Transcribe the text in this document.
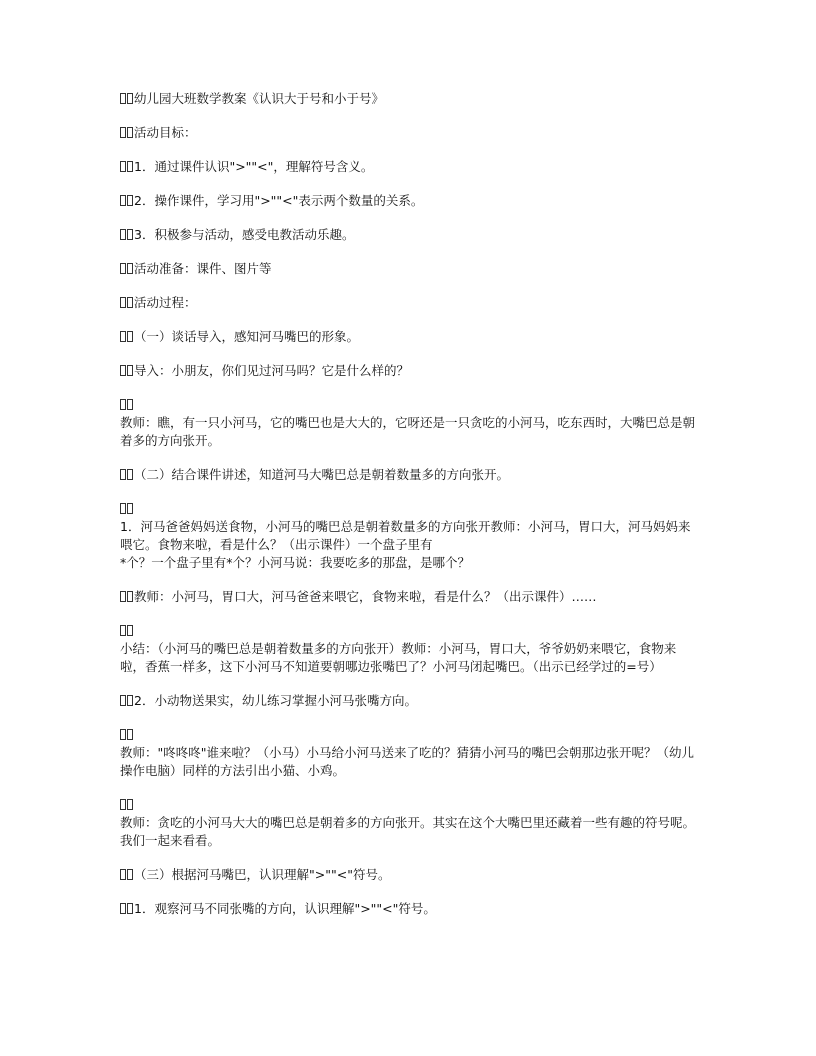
幼儿园大班数学教案《认识大于号和小于号》

活动目标：

1．通过课件认识">""<"，理解符号含义。

2．操作课件，学习用">""<"表示两个数量的关系。

3．积极参与活动，感受电教活动乐趣。

活动准备：课件、图片等

活动过程：

（一）谈话导入，感知河马嘴巴的形象。

导入：小朋友，你们见过河马吗？它是什么样的？

教师：瞧，有一只小河马，它的嘴巴也是大大的，它呀还是一只贪吃的小河马，吃东西时，大嘴巴总是朝着多的方向张开。

（二）结合课件讲述，知道河马大嘴巴总是朝着数量多的方向张开。

1．河马爸爸妈妈送食物，小河马的嘴巴总是朝着数量多的方向张开教师：小河马，胃口大，河马妈妈来喂它。食物来啦，看是什么？（出示课件）一个盘子里有
*个？一个盘子里有*个？小河马说：我要吃多的那盘，是哪个？

教师：小河马，胃口大，河马爸爸来喂它，食物来啦，看是什么？（出示课件）……

小结：（小河马的嘴巴总是朝着数量多的方向张开）教师：小河马，胃口大，爷爷奶奶来喂它，食物来啦，香蕉一样多，这下小河马不知道要朝哪边张嘴巴了？小河马闭起嘴巴。（出示已经学过的=号）

2．小动物送果实，幼儿练习掌握小河马张嘴方向。

教师："咚咚咚"谁来啦？（小马）小马给小河马送来了吃的？猜猜小河马的嘴巴会朝那边张开呢？（幼儿操作电脑）同样的方法引出小猫、小鸡。

教师：贪吃的小河马大大的嘴巴总是朝着多的方向张开。其实在这个大嘴巴里还藏着一些有趣的符号呢。我们一起来看看。

（三）根据河马嘴巴，认识理解">""<"符号。

1．观察河马不同张嘴的方向，认识理解">""<"符号。
